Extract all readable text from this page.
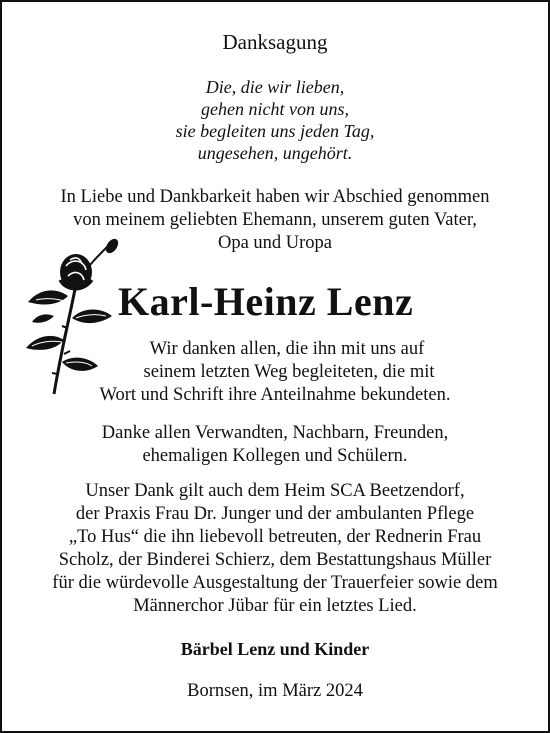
Danksagung
Die, die wir lieben,
gehen nicht von uns,
sie begleiten uns jeden Tag,
ungesehen, ungehört.
In Liebe und Dankbarkeit haben wir Abschied genommen
von meinem geliebten Ehemann, unserem guten Vater,
Opa und Uropa
Karl-Heinz Lenz
Wir danken allen, die ihn mit uns auf
seinem letzten Weg begleiteten, die mit
Wort und Schrift ihre Anteilnahme bekundeten.
Danke allen Verwandten, Nachbarn, Freunden,
ehemaligen Kollegen und Schülern.
Unser Dank gilt auch dem Heim SCA Beetzendorf,
der Praxis Frau Dr. Junger und der ambulanten Pflege
„To Hus“ die ihn liebevoll betreuten, der Rednerin Frau
Scholz, der Binderei Schierz, dem Bestattungshaus Müller
für die würdevolle Ausgestaltung der Trauerfeier sowie dem
Männerchor Jübar für ein letztes Lied.
Bärbel Lenz und Kinder
Bornsen, im März 2024
